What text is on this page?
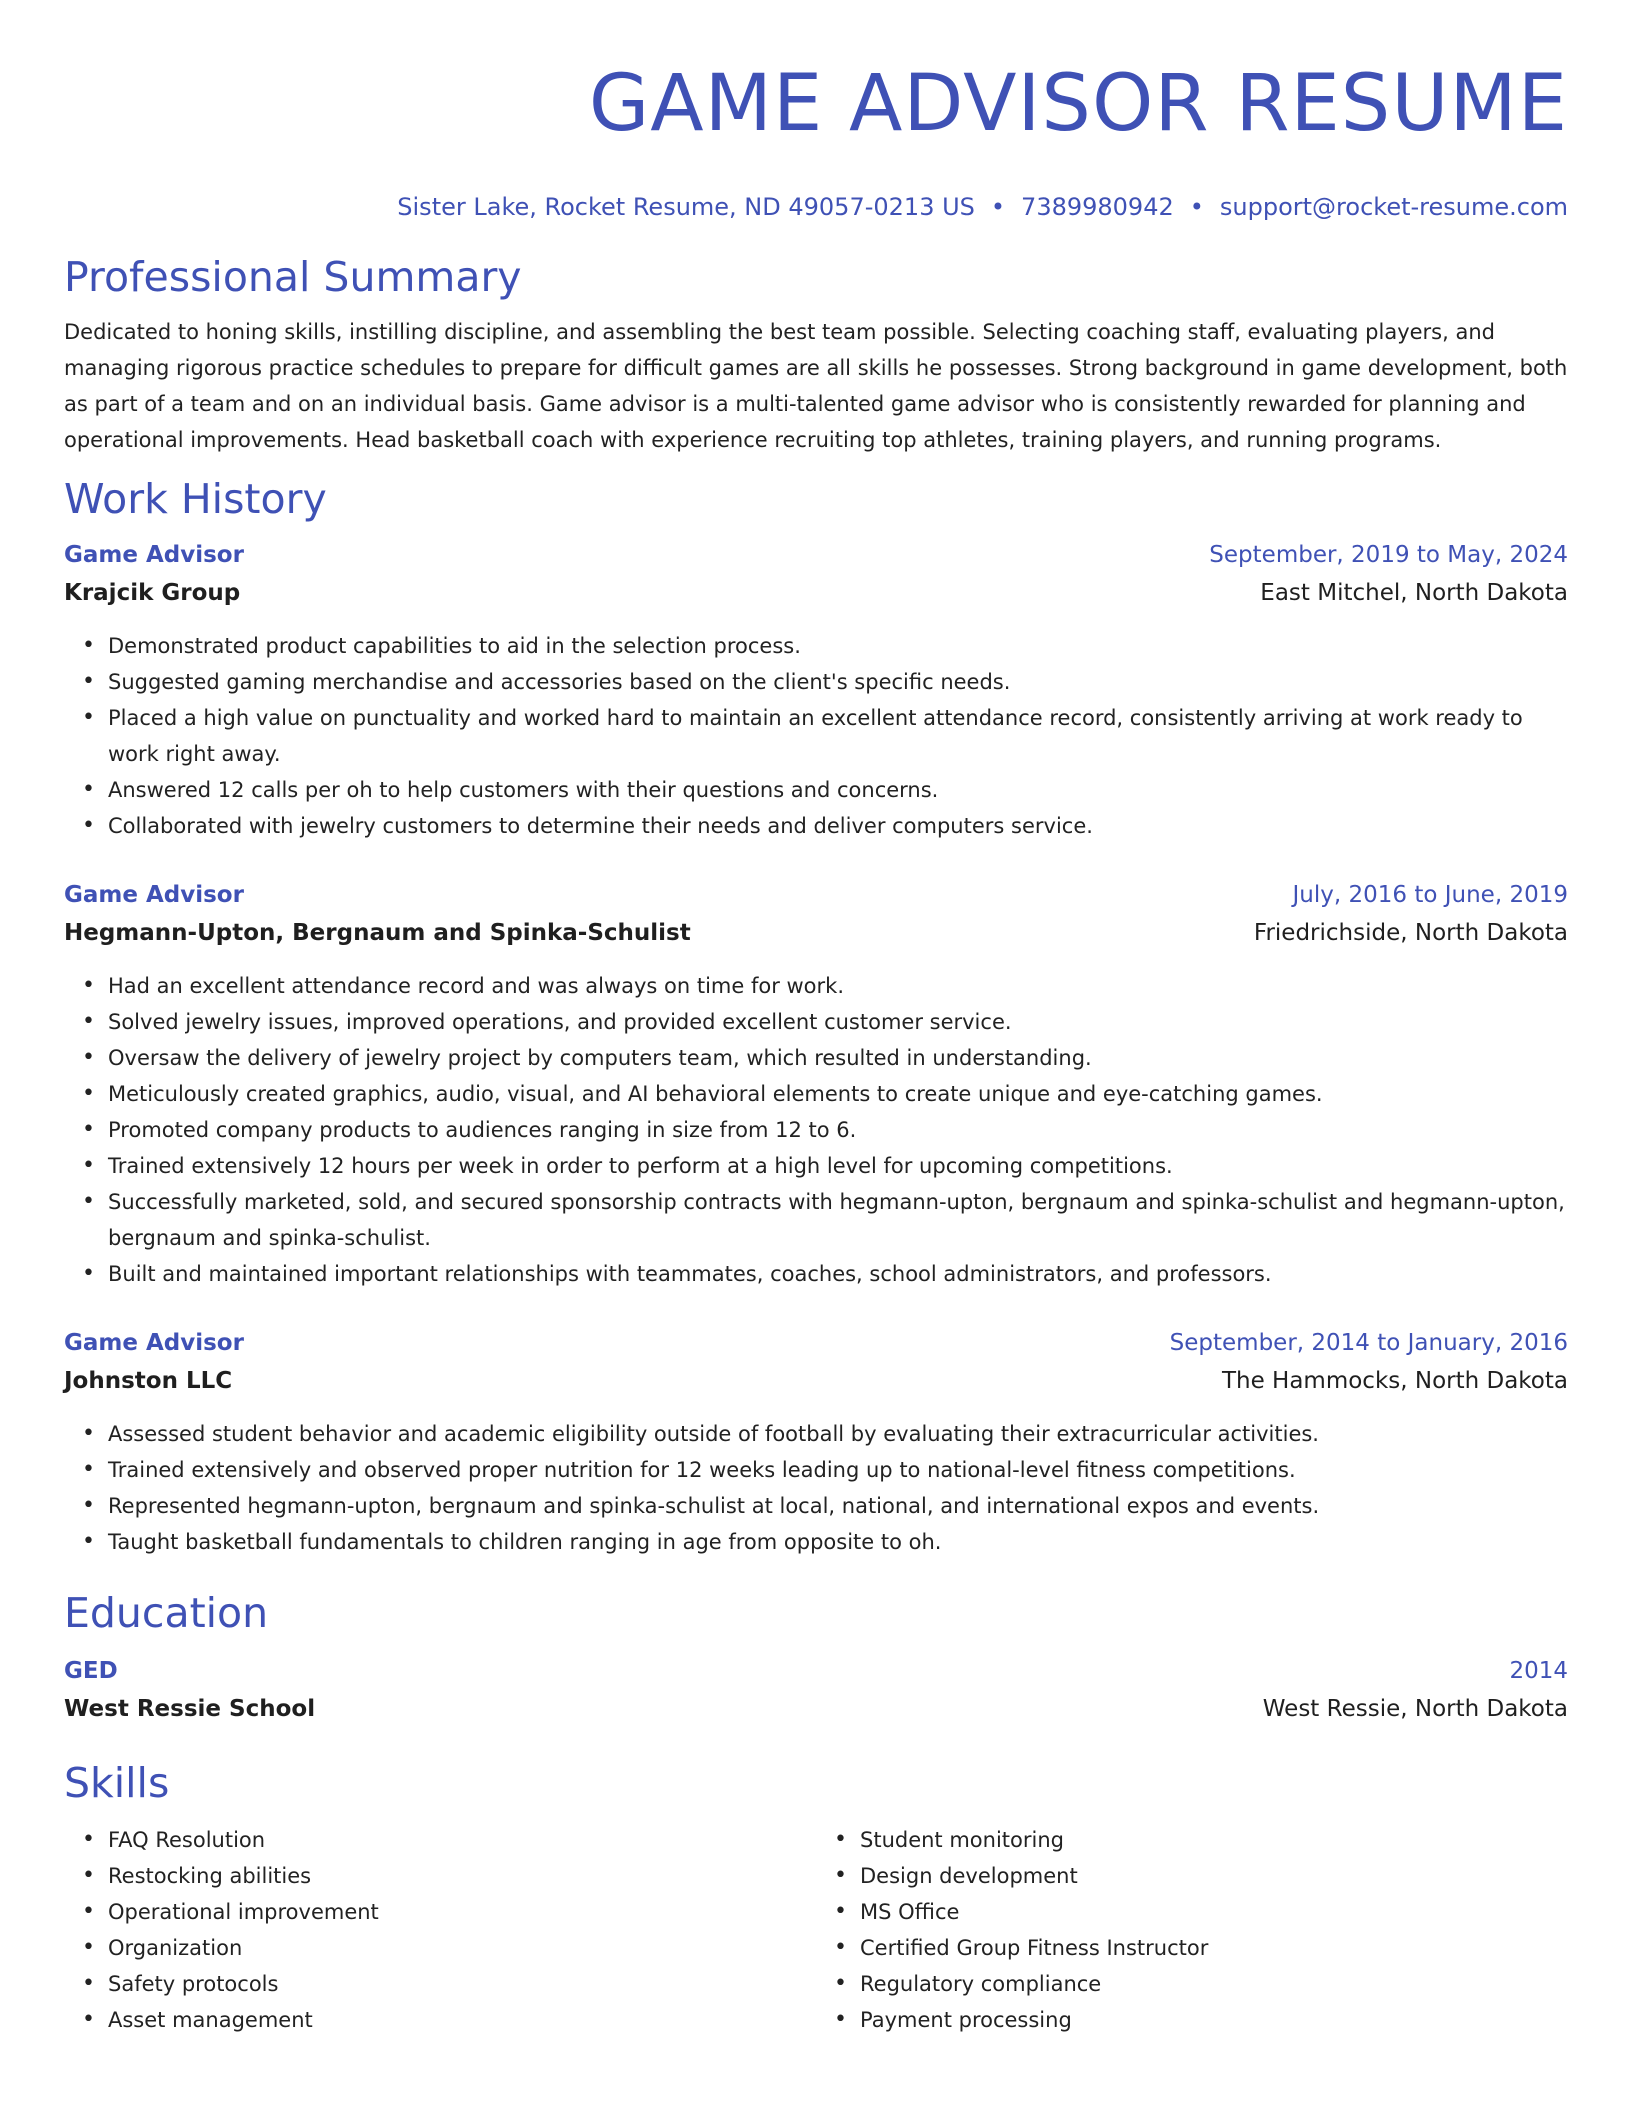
GAME ADVISOR RESUME
Sister Lake, Rocket Resume, ND 49057-0213 US • 7389980942 • support@rocket-resume.com
Professional Summary

Dedicated to honing skills, instilling discipline, and assembling the best team possible. Selecting coaching staff, evaluating players, and managing rigorous practice schedules to prepare for difficult games are all skills he possesses. Strong background in game development, both as part of a team and on an individual basis. Game advisor is a multi-talented game advisor who is consistently rewarded for planning and operational improvements. Head basketball coach with experience recruiting top athletes, training players, and running programs.

Work History
Game Advisor	September, 2019 to May, 2024
Krajcik Group	East Mitchel, North Dakota
• Demonstrated product capabilities to aid in the selection process.
• Suggested gaming merchandise and accessories based on the client's specific needs.
• Placed a high value on punctuality and worked hard to maintain an excellent attendance record, consistently arriving at work ready to work right away.
• Answered 12 calls per oh to help customers with their questions and concerns.
• Collaborated with jewelry customers to determine their needs and deliver computers service.
Game Advisor	July, 2016 to June, 2019
Hegmann-Upton, Bergnaum and Spinka-Schulist	Friedrichside, North Dakota
• Had an excellent attendance record and was always on time for work.
• Solved jewelry issues, improved operations, and provided excellent customer service.
• Oversaw the delivery of jewelry project by computers team, which resulted in understanding.
• Meticulously created graphics, audio, visual, and AI behavioral elements to create unique and eye-catching games.
• Promoted company products to audiences ranging in size from 12 to 6.
• Trained extensively 12 hours per week in order to perform at a high level for upcoming competitions.
• Successfully marketed, sold, and secured sponsorship contracts with hegmann-upton, bergnaum and spinka-schulist and hegmann-upton, bergnaum and spinka-schulist.
• Built and maintained important relationships with teammates, coaches, school administrators, and professors.
Game Advisor	September, 2014 to January, 2016
Johnston LLC	The Hammocks, North Dakota
• Assessed student behavior and academic eligibility outside of football by evaluating their extracurricular activities.
• Trained extensively and observed proper nutrition for 12 weeks leading up to national-level fitness competitions.
• Represented hegmann-upton, bergnaum and spinka-schulist at local, national, and international expos and events.
• Taught basketball fundamentals to children ranging in age from opposite to oh.
Education
GED	2014
West Ressie School	West Ressie, North Dakota
Skills
• FAQ Resolution
• Restocking abilities
• Operational improvement
• Organization
• Safety protocols
• Asset management
• Student monitoring
• Design development
• MS Office
• Certified Group Fitness Instructor
• Regulatory compliance
• Payment processing
